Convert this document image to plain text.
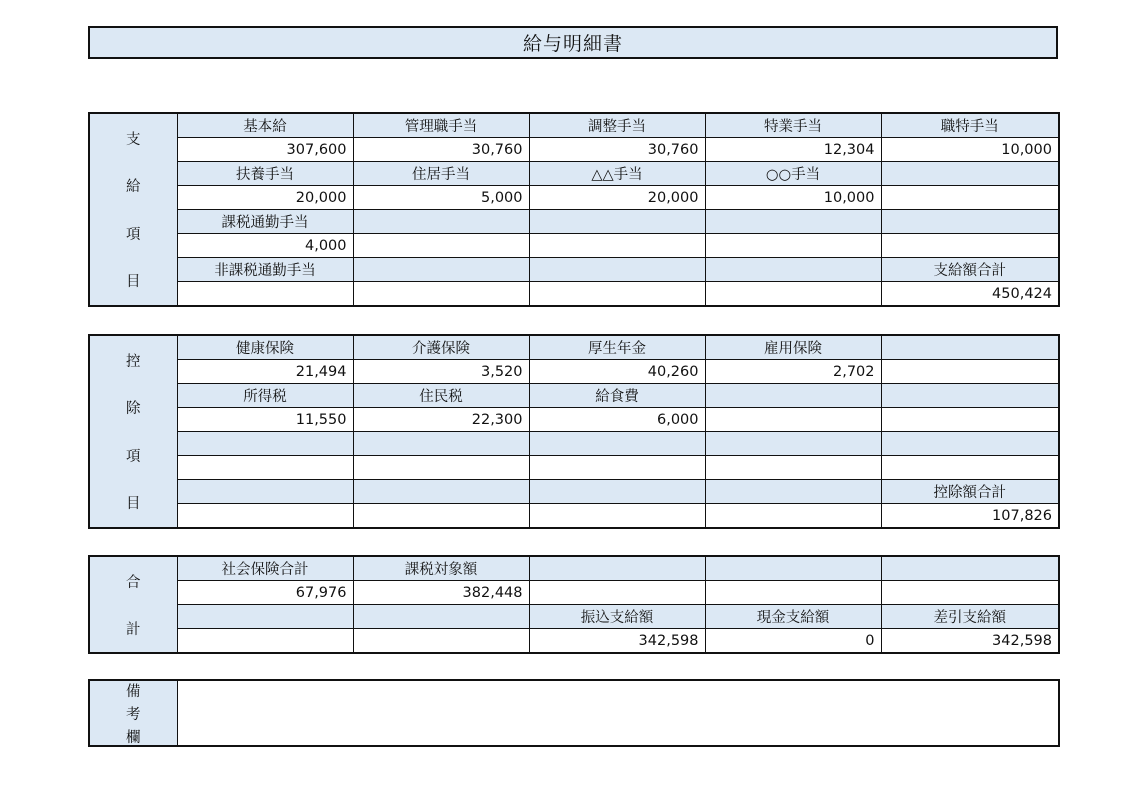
給与明細書
支
給
項
目	基本給	管理職手当	調整手当	特業手当	職特手当
	307,600	30,760	30,760	12,304	10,000
	扶養手当	住居手当	△△手当	○○手当	
	20,000	5,000	20,000	10,000	
	課税通勤手当				
	4,000				
	非課税通勤手当				支給額合計
					450,424
控
除
項
目	健康保険	介護保険	厚生年金	雇用保険	
	21,494	3,520	40,260	2,702	
	所得税	住民税	給食費		
	11,550	22,300	6,000		

					控除額合計
					107,826
合
計	社会保険合計	課税対象額			
	67,976	382,448			
			振込支給額	現金支給額	差引支給額
			342,598	0	342,598
備
考
欄
